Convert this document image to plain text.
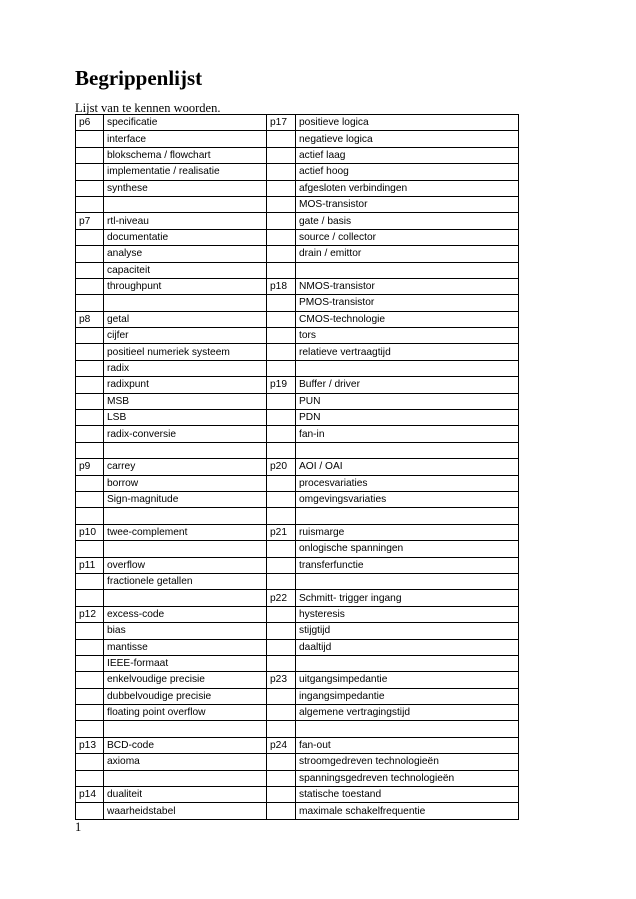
Begrippenlijst

Lijst van te kennen woorden.

p6	specificatie	p17	positieve logica
	interface		negatieve logica
	blokschema / flowchart		actief laag
	implementatie / realisatie		actief hoog
	synthese		afgesloten verbindingen
			MOS-transistor
p7	rtl-niveau		gate / basis
	documentatie		source / collector
	analyse		drain / emittor
	capaciteit		
	throughpunt	p18	NMOS-transistor
			PMOS-transistor
p8	getal		CMOS-technologie
	cijfer		tors
	positieel numeriek systeem		relatieve vertraagtijd
	radix		
	radixpunt	p19	Buffer / driver
	MSB		PUN
	LSB		PDN
	radix-conversie		fan-in

p9	carrey	p20	AOI / OAI
	borrow		procesvariaties
	Sign-magnitude		omgevingsvariaties

p10	twee-complement	p21	ruismarge
			onlogische spanningen
p11	overflow		transferfunctie
	fractionele getallen		
		p22	Schmitt- trigger ingang
p12	excess-code		hysteresis
	bias		stijgtijd
	mantisse		daaltijd
	IEEE-formaat		
	enkelvoudige precisie	p23	uitgangsimpedantie
	dubbelvoudige precisie		ingangsimpedantie
	floating point overflow		algemene vertragingstijd

p13	BCD-code	p24	fan-out
	axioma		stroomgedreven technologieën
			spanningsgedreven technologieën
p14	dualiteit		statische toestand
	waarheidstabel		maximale schakelfrequentie
1
